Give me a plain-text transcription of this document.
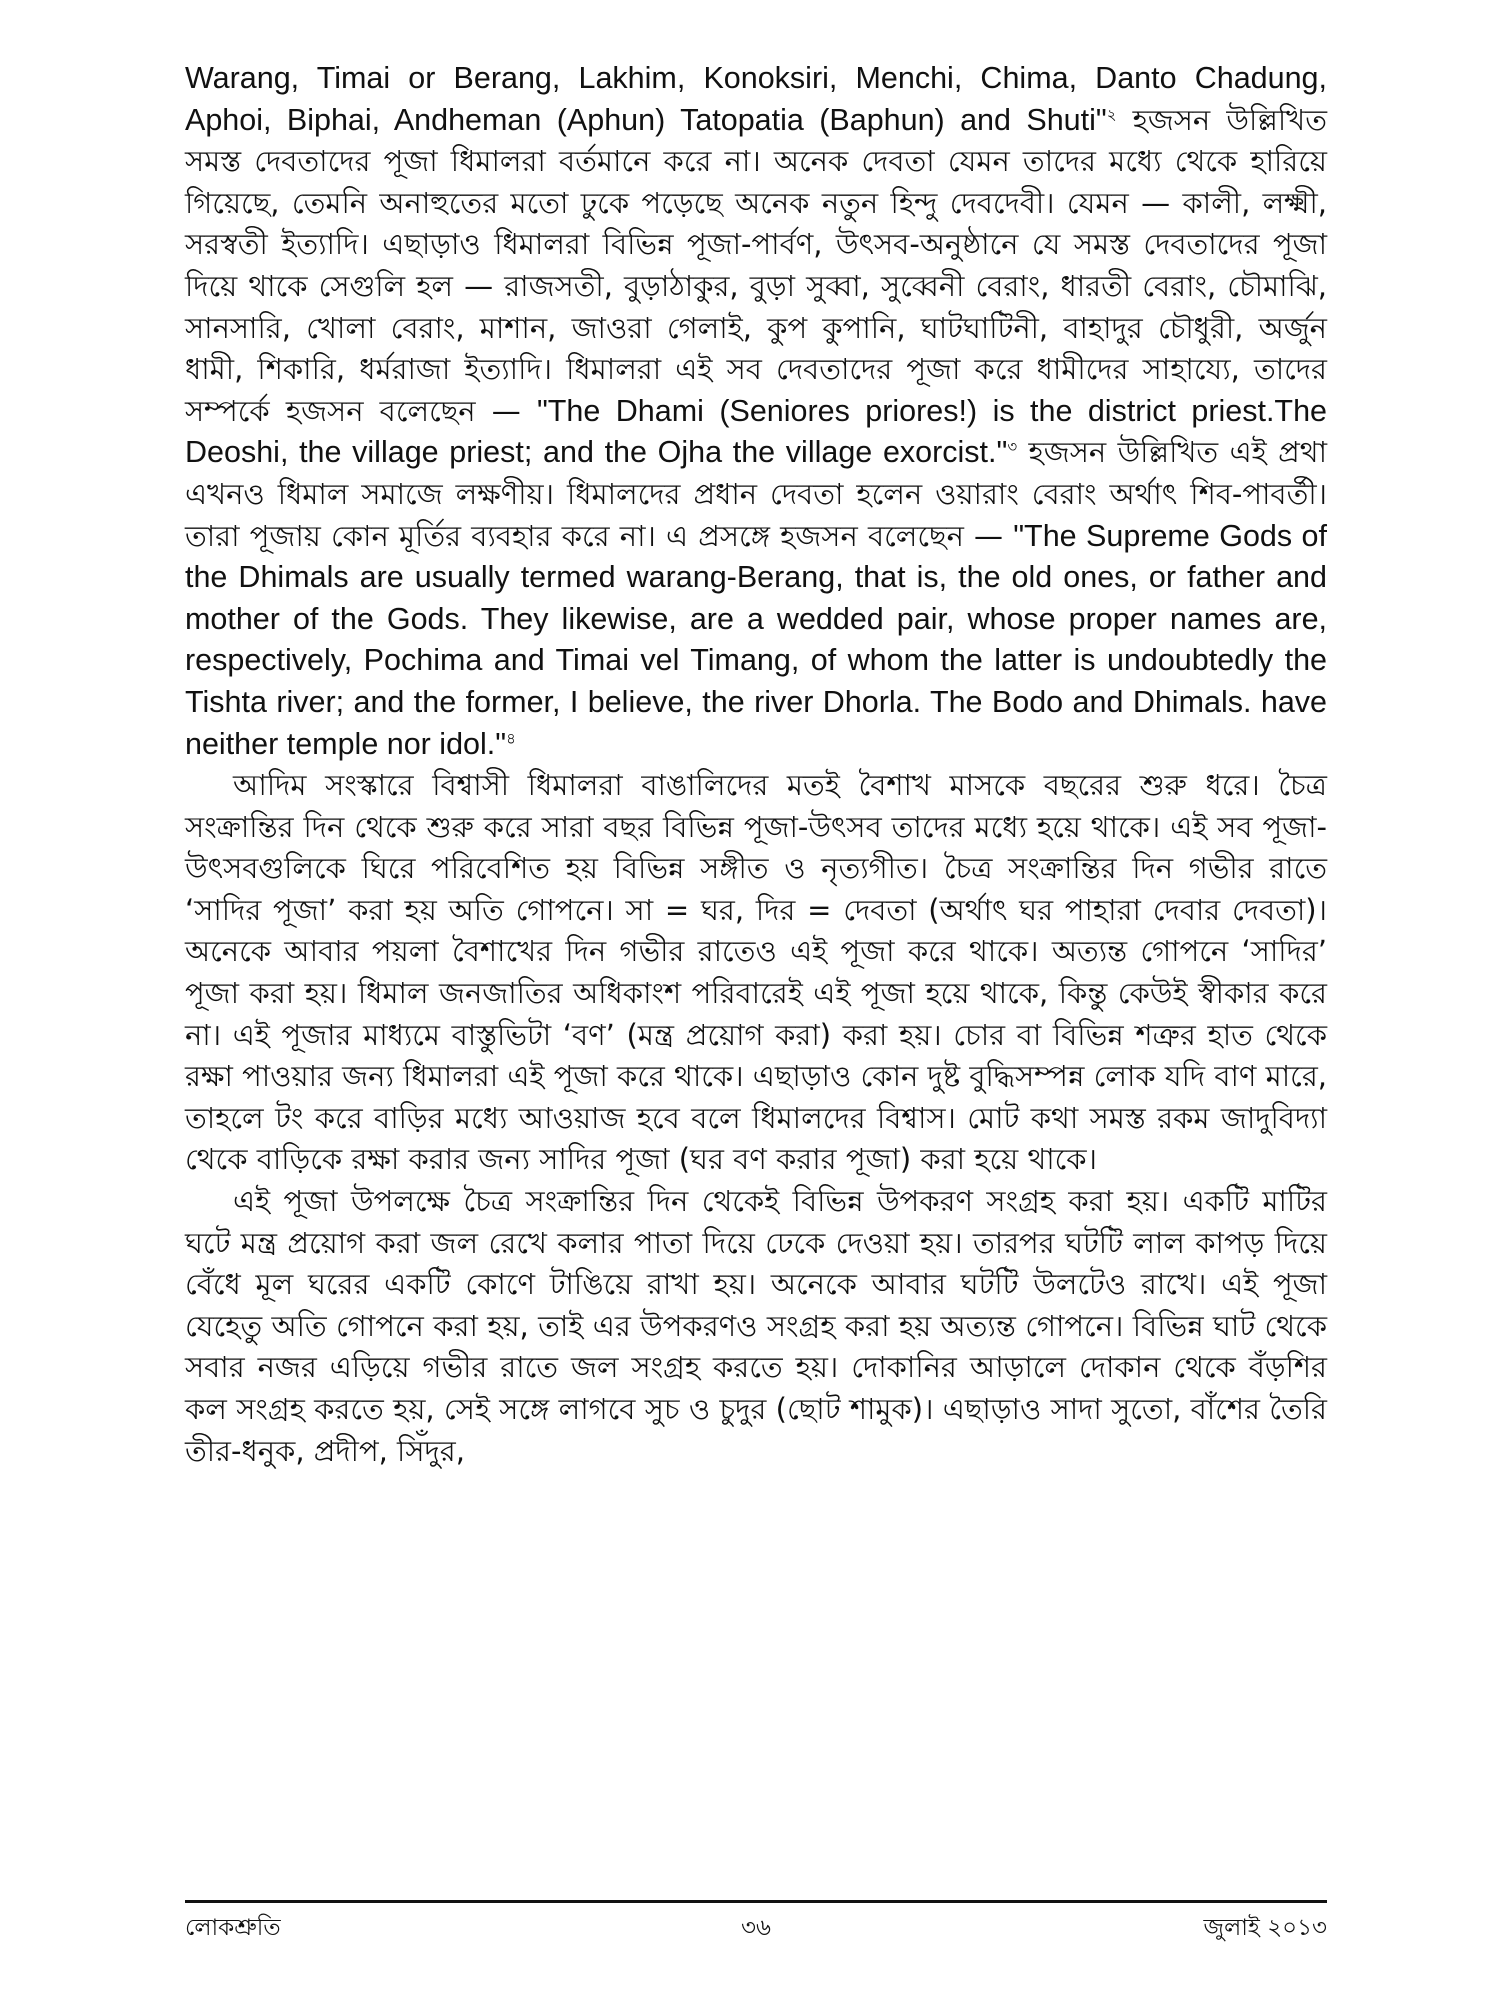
Warang, Timai or Berang, Lakhim, Konoksiri, Menchi, Chima, Danto Chadung, Aphoi, Biphai, Andheman (Aphun) Tatopatia (Baphun) and Shuti"$^২$ হজসন উল্লিখিত সমস্ত দেবতাদের পূজা ধিমালরা বর্তমানে করে না। অনেক দেবতা যেমন তাদের মধ্যে থেকে হারিয়ে গিয়েছে, তেমনি অনাহুতের মতো ঢুকে পড়েছে অনেক নতুন হিন্দু দেবদেবী। যেমন — কালী, লক্ষ্মী, সরস্বতী ইত্যাদি। এছাড়াও ধিমালরা বিভিন্ন পূজা-পার্বণ, উৎসব-অনুষ্ঠানে যে সমস্ত দেবতাদের পূজা দিয়ে থাকে সেগুলি হল — রাজসতী, বুড়াঠাকুর, বুড়া সুব্বা, সুব্বেনী বেরাং, ধারতী বেরাং, চৌমাঝি, সানসারি, খোলা বেরাং, মাশান, জাওরা গেলাই, কুপ কুপানি, ঘাটঘাটিনী, বাহাদুর চৌধুরী, অর্জুন ধামী, শিকারি, ধর্মরাজা ইত্যাদি। ধিমালরা এই সব দেবতাদের পূজা করে ধামীদের সাহায্যে, তাদের সম্পর্কে হজসন বলেছেন — "The Dhami (Seniores priores!) is the district priest.The Deoshi, the village priest; and the Ojha the village exorcist."$^৩$ হজসন উল্লিখিত এই প্রথা এখনও ধিমাল সমাজে লক্ষণীয়। ধিমালদের প্রধান দেবতা হলেন ওয়ারাং বেরাং অর্থাৎ শিব-পাবর্তী। তারা পূজায় কোন মূর্তির ব্যবহার করে না। এ প্রসঙ্গে হজসন বলেছেন — "The Supreme Gods of the Dhimals are usually termed warang-Berang, that is, the old ones, or father and mother of the Gods. They likewise, are a wedded pair, whose proper names are, respectively, Pochima and Timai vel Timang, of whom the latter is undoubtedly the Tishta river; and the former, I believe, the river Dhorla. The Bodo and Dhimals. have neither temple nor idol."$^৪$

আদিম সংস্কারে বিশ্বাসী ধিমালরা বাঙালিদের মতই বৈশাখ মাসকে বছরের শুরু ধরে। চৈত্র সংক্রান্তির দিন থেকে শুরু করে সারা বছর বিভিন্ন পূজা-উৎসব তাদের মধ্যে হয়ে থাকে। এই সব পূজা-উৎসবগুলিকে ঘিরে পরিবেশিত হয় বিভিন্ন সঙ্গীত ও নৃত্যগীত। চৈত্র সংক্রান্তির দিন গভীর রাতে ‘সাদির পূজা’ করা হয় অতি গোপনে। সা = ঘর, দির = দেবতা (অর্থাৎ ঘর পাহারা দেবার দেবতা)। অনেকে আবার পয়লা বৈশাখের দিন গভীর রাতেও এই পূজা করে থাকে। অত্যন্ত গোপনে ‘সাদির’ পূজা করা হয়। ধিমাল জনজাতির অধিকাংশ পরিবারেই এই পূজা হয়ে থাকে, কিন্তু কেউই স্বীকার করে না। এই পূজার মাধ্যমে বাস্তুভিটা ‘বণ’ (মন্ত্র প্রয়োগ করা) করা হয়। চোর বা বিভিন্ন শত্রুর হাত থেকে রক্ষা পাওয়ার জন্য ধিমালরা এই পূজা করে থাকে। এছাড়াও কোন দুষ্ট বুদ্ধিসম্পন্ন লোক যদি বাণ মারে, তাহলে টং করে বাড়ির মধ্যে আওয়াজ হবে বলে ধিমালদের বিশ্বাস। মোট কথা সমস্ত রকম জাদুবিদ্যা থেকে বাড়িকে রক্ষা করার জন্য সাদির পূজা (ঘর বণ করার পূজা) করা হয়ে থাকে।

এই পূজা উপলক্ষে চৈত্র সংক্রান্তির দিন থেকেই বিভিন্ন উপকরণ সংগ্রহ করা হয়। একটি মাটির ঘটে মন্ত্র প্রয়োগ করা জল রেখে কলার পাতা দিয়ে ঢেকে দেওয়া হয়। তারপর ঘটটি লাল কাপড় দিয়ে বেঁধে মূল ঘরের একটি কোণে টাঙিয়ে রাখা হয়। অনেকে আবার ঘটটি উলটেও রাখে। এই পূজা যেহেতু অতি গোপনে করা হয়, তাই এর উপকরণও সংগ্রহ করা হয় অত্যন্ত গোপনে। বিভিন্ন ঘাট থেকে সবার নজর এড়িয়ে গভীর রাতে জল সংগ্রহ করতে হয়। দোকানির আড়ালে দোকান থেকে বঁড়শির কল সংগ্রহ করতে হয়, সেই সঙ্গে লাগবে সুচ ও চুদুর (ছোট শামুক)। এছাড়াও সাদা সুতো, বাঁশের তৈরি তীর-ধনুক, প্রদীপ, সিঁদুর,

লোকশ্রুতি	৩৬	জুলাই ২০১৩
